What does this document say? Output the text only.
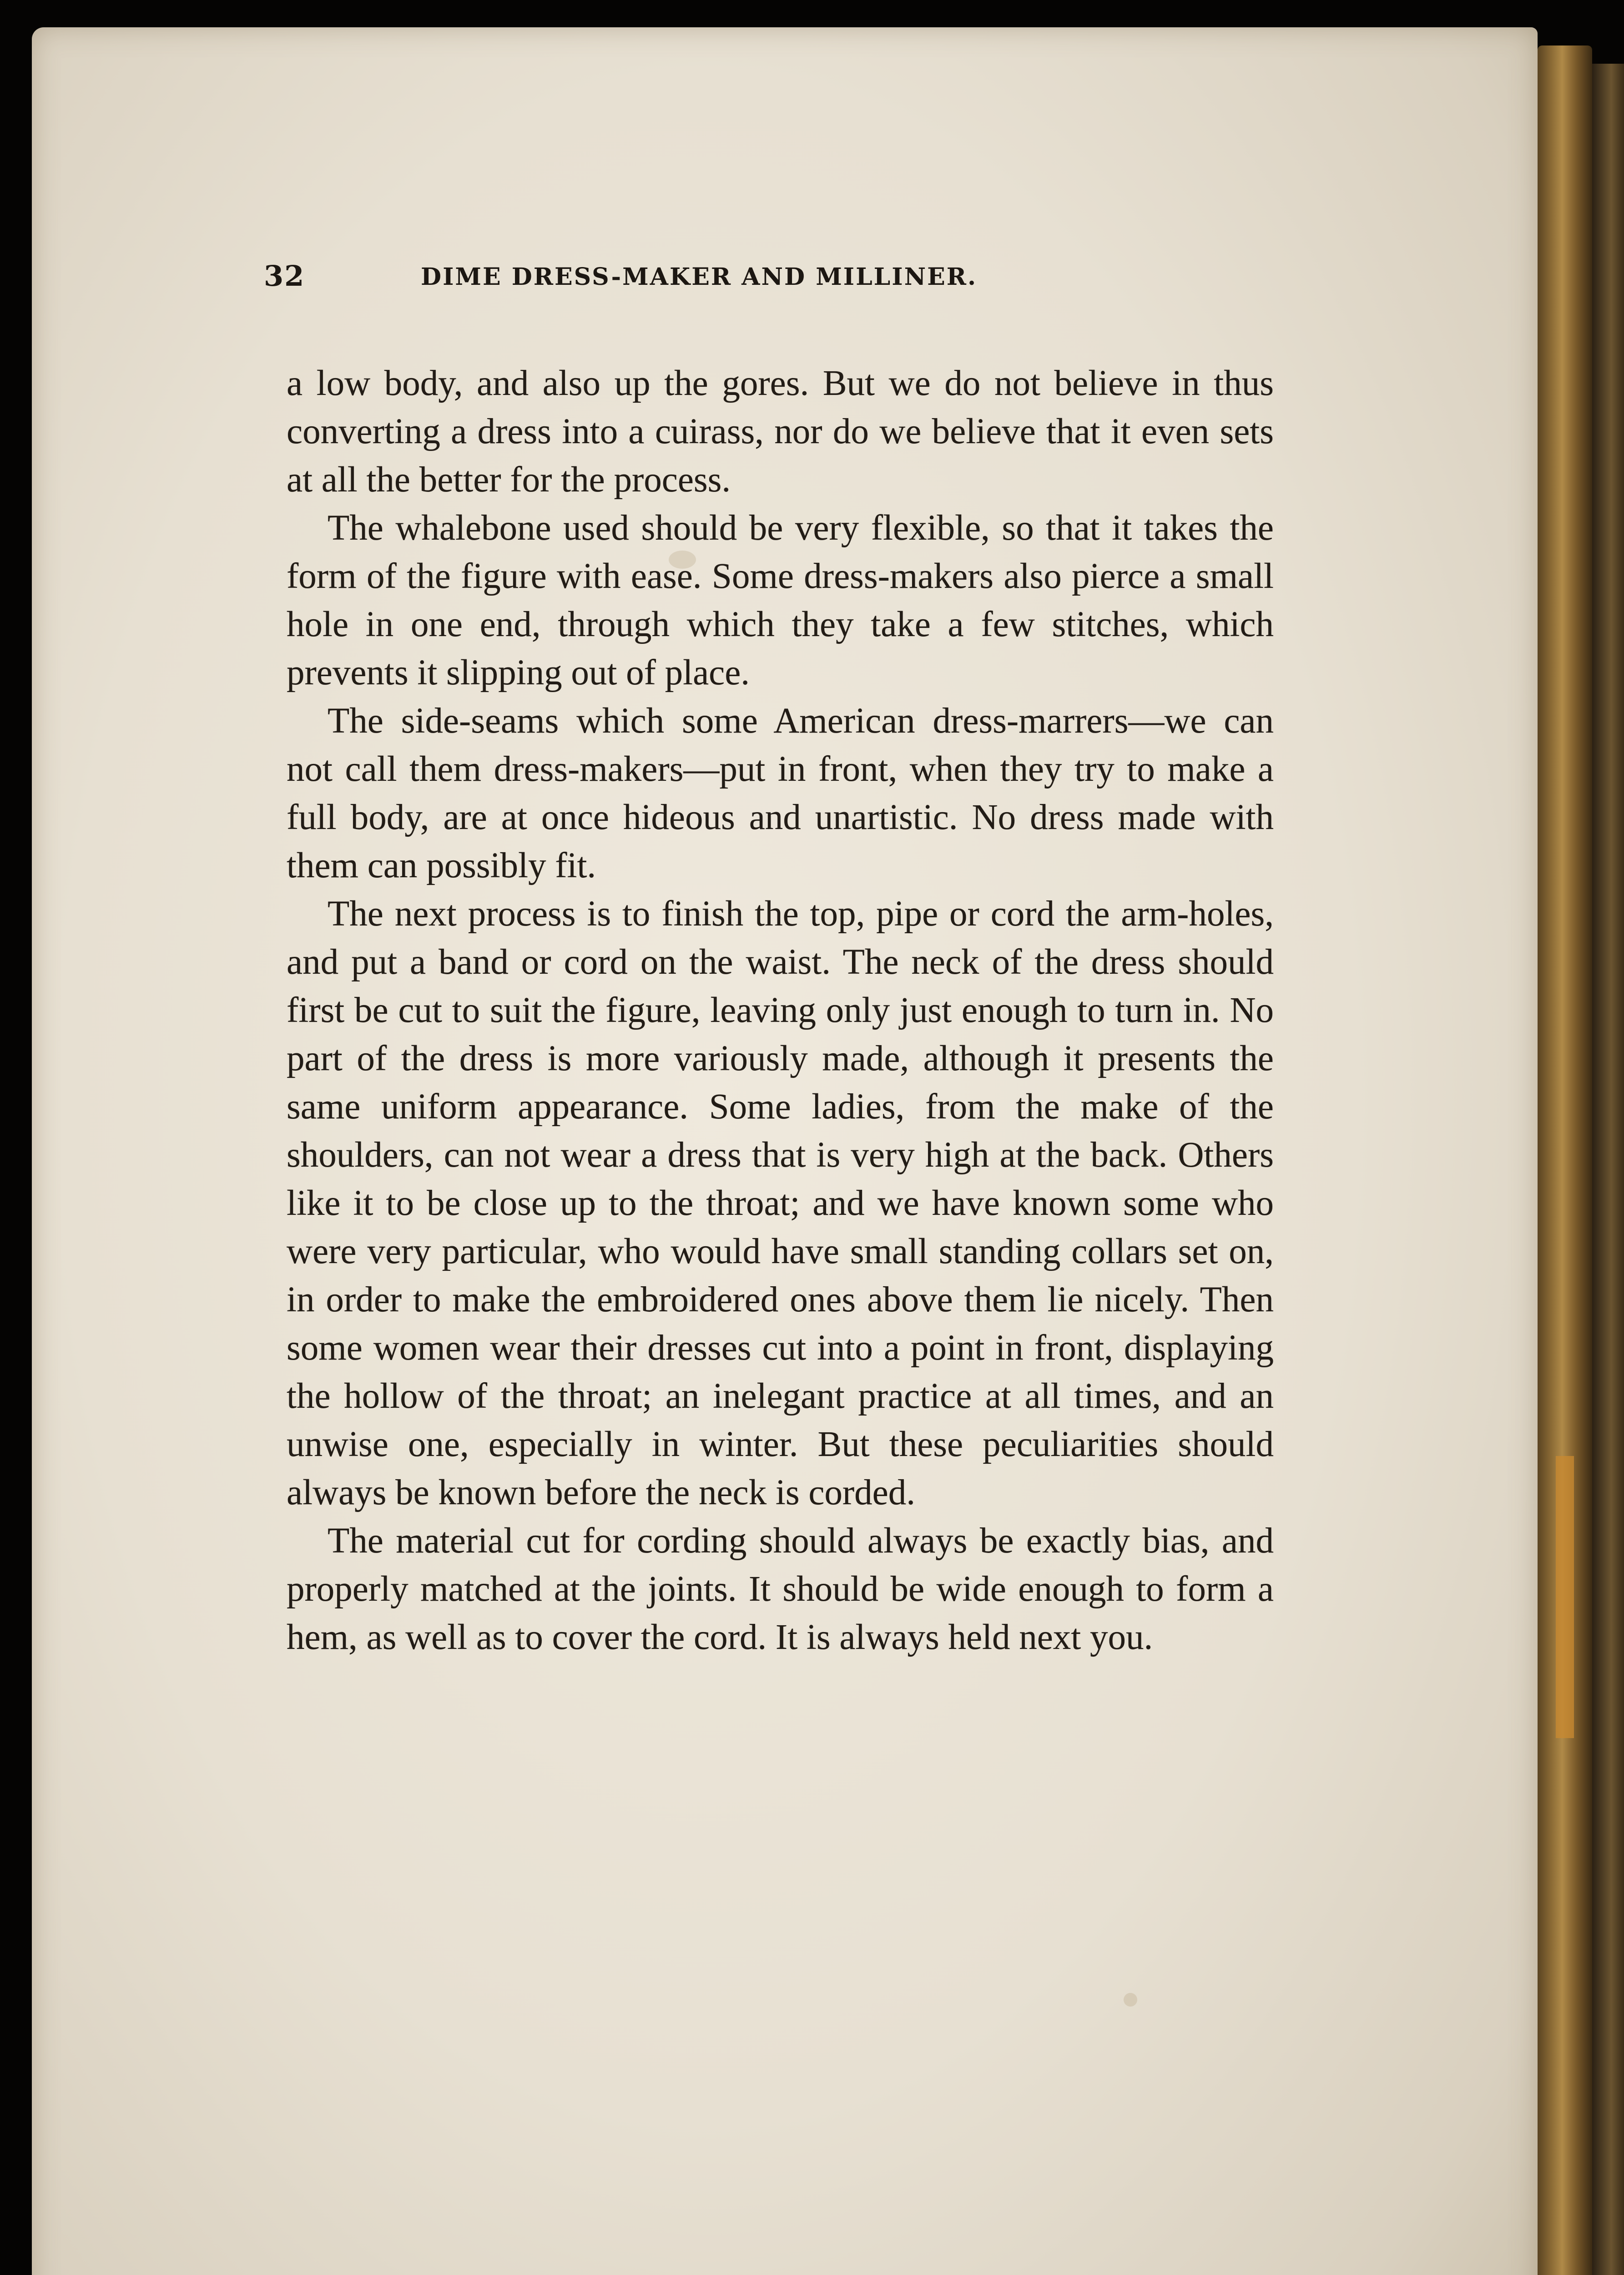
32	DIME DRESS-MAKER AND MILLINER.

a low body, and also up the gores. But we do not believe in thus converting a dress into a cuirass, nor do we believe that it even sets at all the better for the process.

The whalebone used should be very flexible, so that it takes the form of the figure with ease. Some dress-makers also pierce a small hole in one end, through which they take a few stitches, which prevents it slipping out of place.

The side-seams which some American dress-marrers—we can not call them dress-makers—put in front, when they try to make a full body, are at once hideous and unartistic. No dress made with them can possibly fit.

The next process is to finish the top, pipe or cord the arm-holes, and put a band or cord on the waist. The neck of the dress should first be cut to suit the figure, leaving only just enough to turn in. No part of the dress is more variously made, although it presents the same uniform appearance. Some ladies, from the make of the shoulders, can not wear a dress that is very high at the back. Others like it to be close up to the throat; and we have known some who were very particular, who would have small standing collars set on, in order to make the embroidered ones above them lie nicely. Then some women wear their dresses cut into a point in front, displaying the hollow of the throat; an inelegant practice at all times, and an unwise one, especially in winter. But these peculiarities should always be known before the neck is corded.

The material cut for cording should always be exactly bias, and properly matched at the joints. It should be wide enough to form a hem, as well as to cover the cord. It is always held next you.
